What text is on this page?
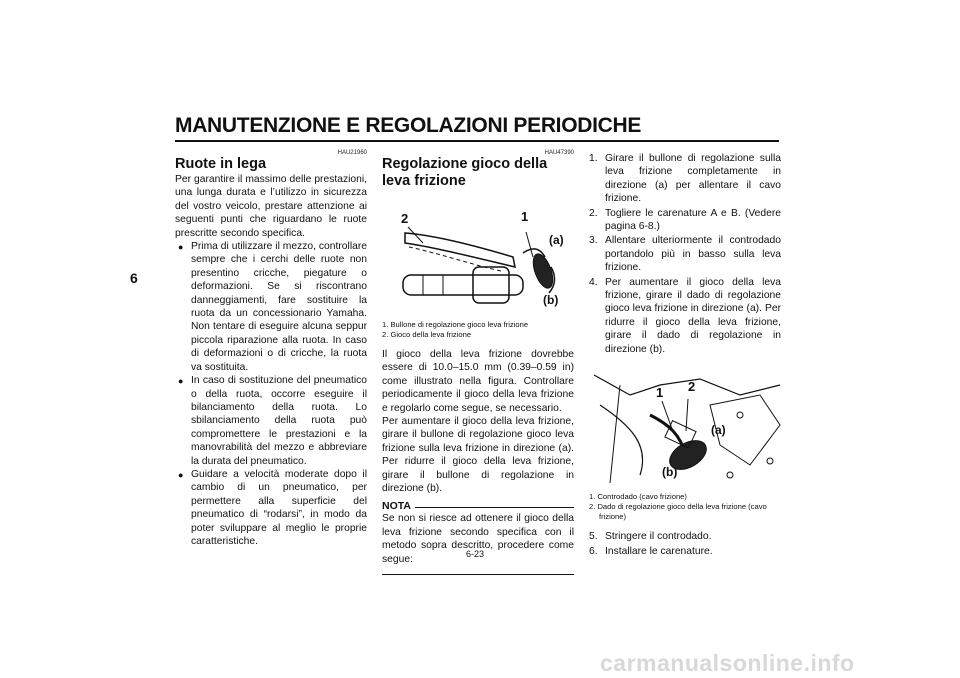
MANUTENZIONE E REGOLAZIONI PERIODICHE
6
HAU21960
Ruote in lega
Per garantire il massimo delle prestazioni, una lunga durata e l’utilizzo in sicurezza del vostro veicolo, prestare attenzione ai seguenti punti che riguardano le ruote prescritte secondo specifica.
● Prima di utilizzare il mezzo, controllare sempre che i cerchi delle ruote non presentino cricche, piegature o deformazioni. Se si riscontrano danneggiamenti, fare sostituire la ruota da un concessionario Yamaha. Non tentare di eseguire alcuna seppur piccola riparazione alla ruota. In caso di deformazioni o di cricche, la ruota va sostituita.
● In caso di sostituzione del pneumatico o della ruota, occorre eseguire il bilanciamento della ruota. Lo sbilanciamento della ruota può compromettere le prestazioni e la manovrabilità del mezzo e abbreviare la durata del pneumatico.
● Guidare a velocità moderate dopo il cambio di un pneumatico, per permettere alla superficie del pneumatico di “rodarsi”, in modo da poter sviluppare al meglio le proprie caratteristiche.
HAU47390
Regolazione gioco della leva frizione
2	1
(a)
(b)
1. Bullone di regolazione gioco leva frizione
2. Gioco della leva frizione
Il gioco della leva frizione dovrebbe essere di 10.0–15.0 mm (0.39–0.59 in) come illustrato nella figura. Controllare periodicamente il gioco della leva frizione e regolarlo come segue, se necessario.
Per aumentare il gioco della leva frizione, girare il bullone di regolazione gioco leva frizione sulla leva frizione in direzione (a). Per ridurre il gioco della leva frizione, girare il bullone di regolazione in direzione (b).
NOTA
Se non si riesce ad ottenere il gioco della leva frizione secondo specifica con il metodo sopra descritto, procedere come segue:
1. Girare il bullone di regolazione sulla leva frizione completamente in direzione (a) per allentare il cavo frizione.
2. Togliere le carenature A e B. (Vedere pagina 6-8.)
3. Allentare ulteriormente il controdado portandolo più in basso sulla leva frizione.
4. Per aumentare il gioco della leva frizione, girare il dado di regolazione gioco leva frizione in direzione (a). Per ridurre il gioco della leva frizione, girare il dado di regolazione in direzione (b).
1 2
(a)
(b)
1. Controdado (cavo frizione)
2. Dado di regolazione gioco della leva frizione (cavo frizione)
5. Stringere il controdado.
6. Installare le carenature.
6-23
carmanualsonline.info
